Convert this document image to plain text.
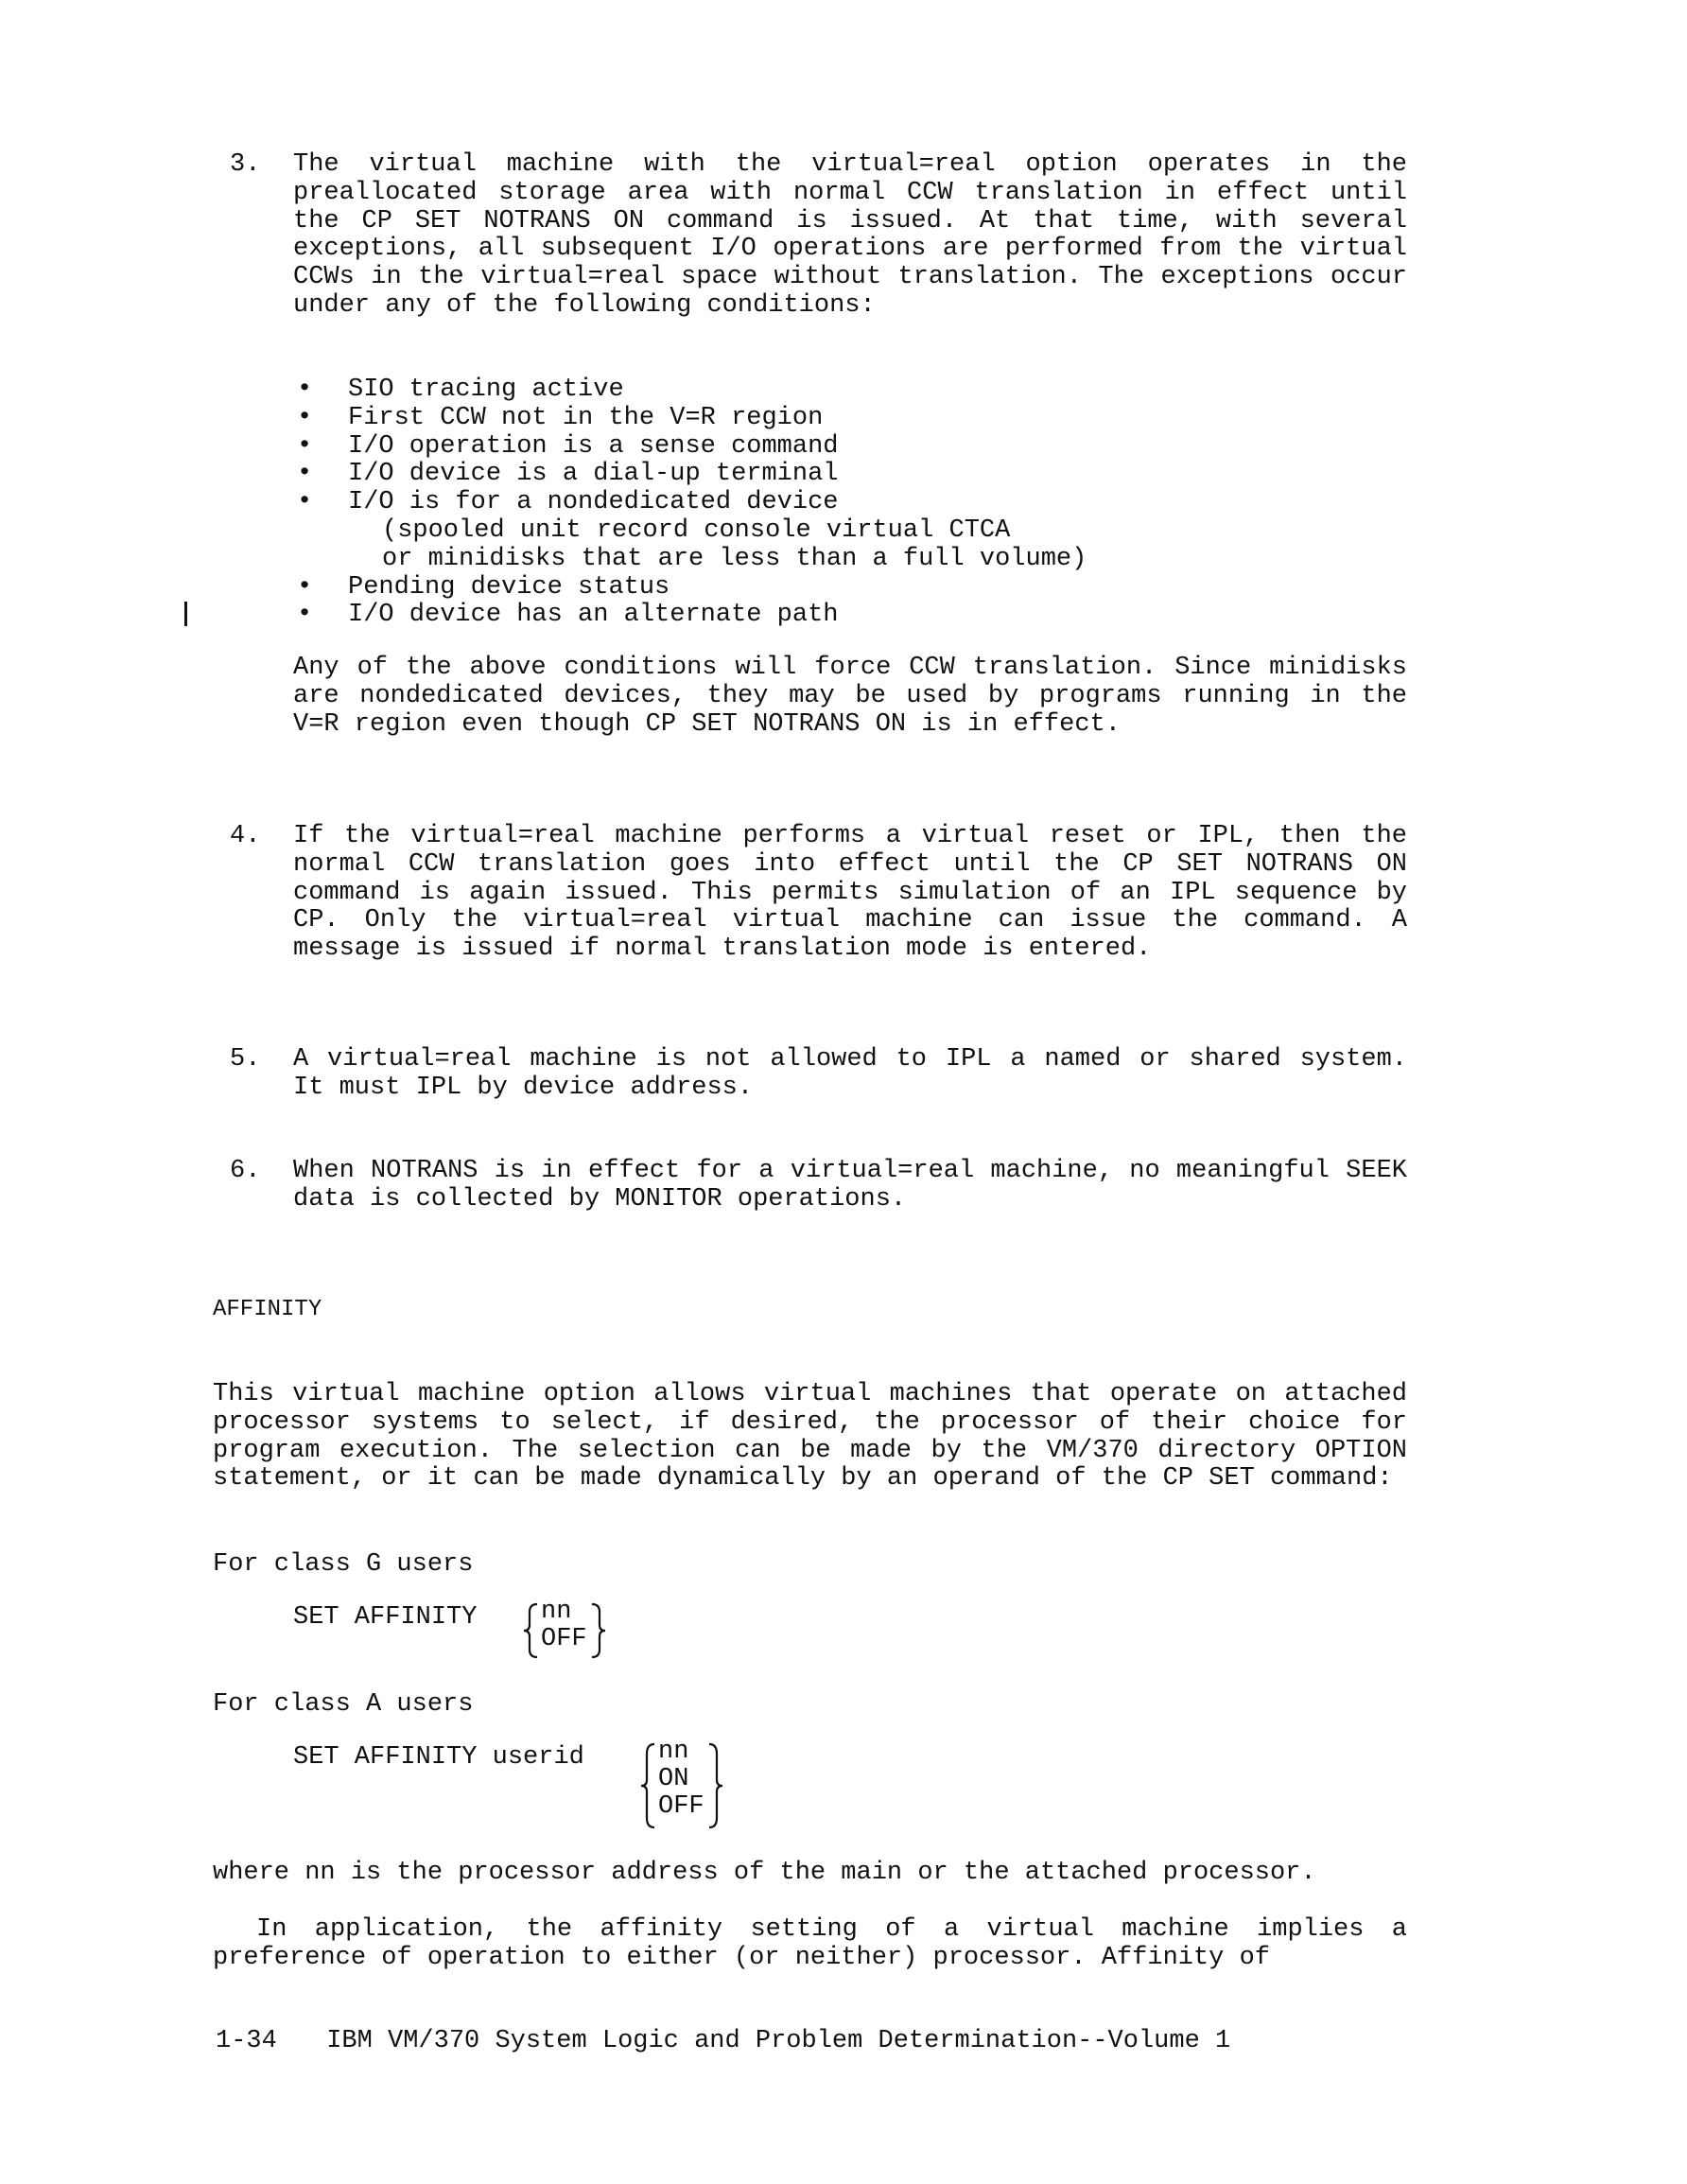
3. The virtual machine with the virtual=real option operates in the preallocated storage area with normal CCW translation in effect until the CP SET NOTRANS ON command is issued. At that time, with several exceptions, all subsequent I/O operations are performed from the virtual CCWs in the virtual=real space without translation. The exceptions occur under any of the following conditions:

• SIO tracing active
• First CCW not in the V=R region
• I/O operation is a sense command
• I/O device is a dial-up terminal
• I/O is for a nondedicated device
(spooled unit record console virtual CTCA
or minidisks that are less than a full volume)
• Pending device status
• I/O device has an alternate path

Any of the above conditions will force CCW translation. Since minidisks are nondedicated devices, they may be used by programs running in the V=R region even though CP SET NOTRANS ON is in effect.

4. If the virtual=real machine performs a virtual reset or IPL, then the normal CCW translation goes into effect until the CP SET NOTRANS ON command is again issued. This permits simulation of an IPL sequence by CP. Only the virtual=real virtual machine can issue the command. A message is issued if normal translation mode is entered.

5. A virtual=real machine is not allowed to IPL a named or shared system. It must IPL by device address.

6. When NOTRANS is in effect for a virtual=real machine, no meaningful SEEK data is collected by MONITOR operations.

AFFINITY

This virtual machine option allows virtual machines that operate on attached processor systems to select, if desired, the processor of their choice for program execution. The selection can be made by the VM/370 directory OPTION statement, or it can be made dynamically by an operand of the CP SET command:

For class G users

SET AFFINITY	nn
OFF

For class A users

SET AFFINITY userid	nn
ON
OFF

where nn is the processor address of the main or the attached processor.

In application, the affinity setting of a virtual machine implies a preference of operation to either (or neither) processor. Affinity of

1-34 IBM VM/370 System Logic and Problem Determination--Volume 1
